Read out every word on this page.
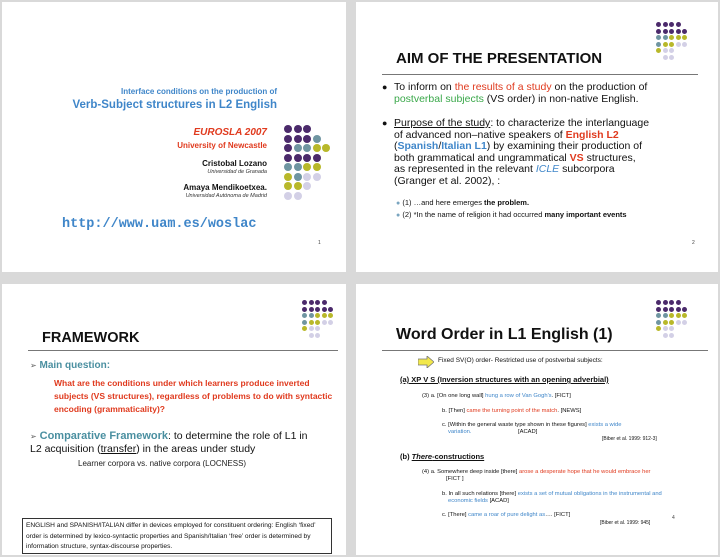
Interface conditions on the production of
Verb-Subject structures in L2 English
EUROSLA 2007
University of Newcastle
Cristobal Lozano
Universidad de Granada
Amaya Mendikoetxea.
Universidad Autónoma de Madrid
http://www.uam.es/woslac
1
AIM OF THE PRESENTATION
● To inform on the results of a study on the production of
postverbal subjects (VS order) in non-native English.
● Purpose of the study: to characterize the interlanguage
of advanced non–native speakers of English L2
(Spanish/Italian L1) by examining their production of
both grammatical and ungrammatical VS structures,
as represented in the relevant ICLE subcorpora
(Granger et al. 2002), :
● (1) …and here emerges the problem.
● (2) *In the name of religion it had occurred many important events
2
FRAMEWORK
➢ Main question:
What are the conditions under which learners produce inverted subjects (VS structures), regardless of problems to do with syntactic encoding (grammaticality)?
➢ Comparative Framework: to determine the role of L1 in
L2 acquisition (transfer) in the areas under study
Learner corpora vs. native corpora (LOCNESS)
ENGLISH and SPANISH/ITALIAN differ in devices employed for constituent ordering: English ‘fixed’ order is determined by lexico-syntactic properties and Spanish/Italian ‘free’ order is determined by information structure, syntax-discourse properties.
Word Order in L1 English (1)
Fixed SV(O) order- Restricted use of postverbal subjects:
(a) XP V S (Inversion structures with an opening adverbial)
(3) a. [On one long wall] hung a row of Van Gogh's. [FICT]
b. [Then] came the turning point of the match. [NEWS]
c. [Within the general waste type shown in these figures] exists a wide
variation.	[ACAD]
[Biber et al. 1999: 912-3]
(b) There-constructions
(4) a. Somewhere deep inside [there] arose a desperate hope that he would embrace her
[FICT ]
b. In all such relations [there] exists a set of mutual obligations in the instrumental and
economic fields [ACAD]
c. [There] came a roar of pure delight as…. [FICT]
[Biber et al. 1999: 945]
4
